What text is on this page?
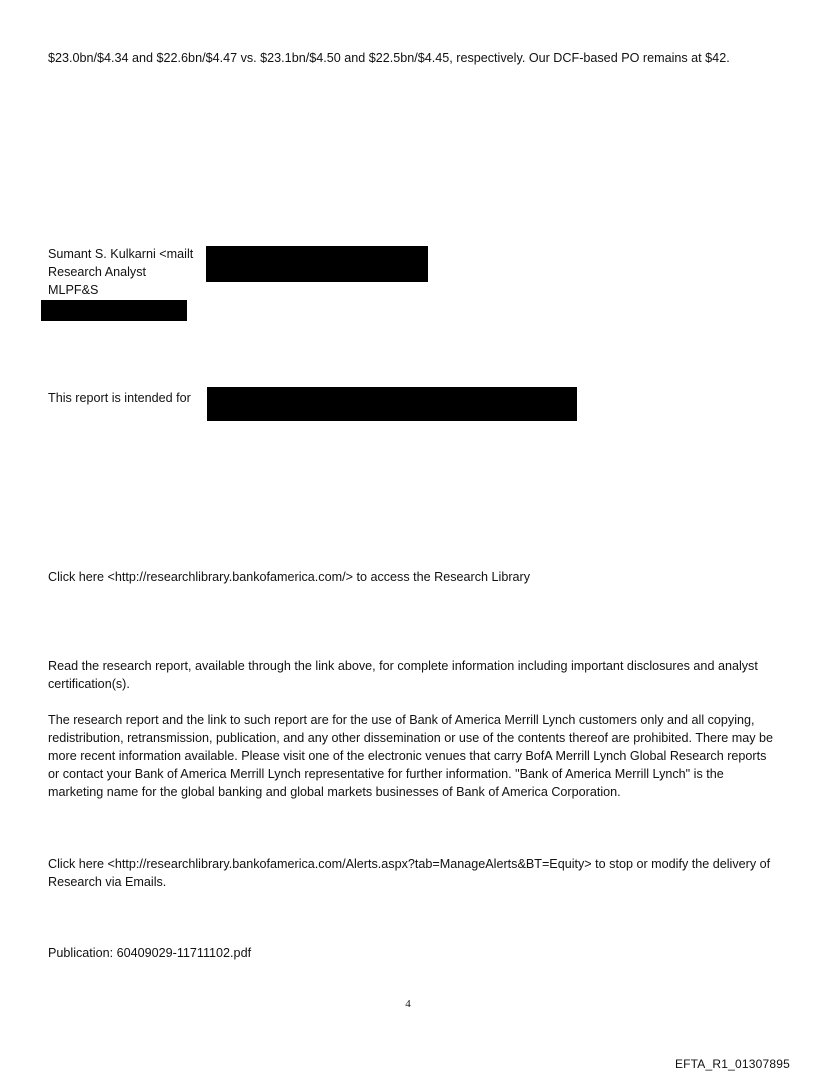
$23.0bn/$4.34 and $22.6bn/$4.47 vs. $23.1bn/$4.50 and $22.5bn/$4.45, respectively. Our DCF-based PO remains at $42.

Sumant S. Kulkarni <mailt
Research Analyst
MLPF&S

This report is intended for

Click here <http://researchlibrary.bankofamerica.com/> to access the Research Library

Read the research report, available through the link above, for complete information including important disclosures and analyst certification(s).

The research report and the link to such report are for the use of Bank of America Merrill Lynch customers only and all copying, redistribution, retransmission, publication, and any other dissemination or use of the contents thereof are prohibited. There may be more recent information available. Please visit one of the electronic venues that carry BofA Merrill Lynch Global Research reports or contact your Bank of America Merrill Lynch representative for further information. "Bank of America Merrill Lynch" is the marketing name for the global banking and global markets businesses of Bank of America Corporation.

Click here <http://researchlibrary.bankofamerica.com/Alerts.aspx?tab=ManageAlerts&BT=Equity> to stop or modify the delivery of Research via Emails.

Publication: 60409029-11711102.pdf

4
EFTA_R1_01307895
